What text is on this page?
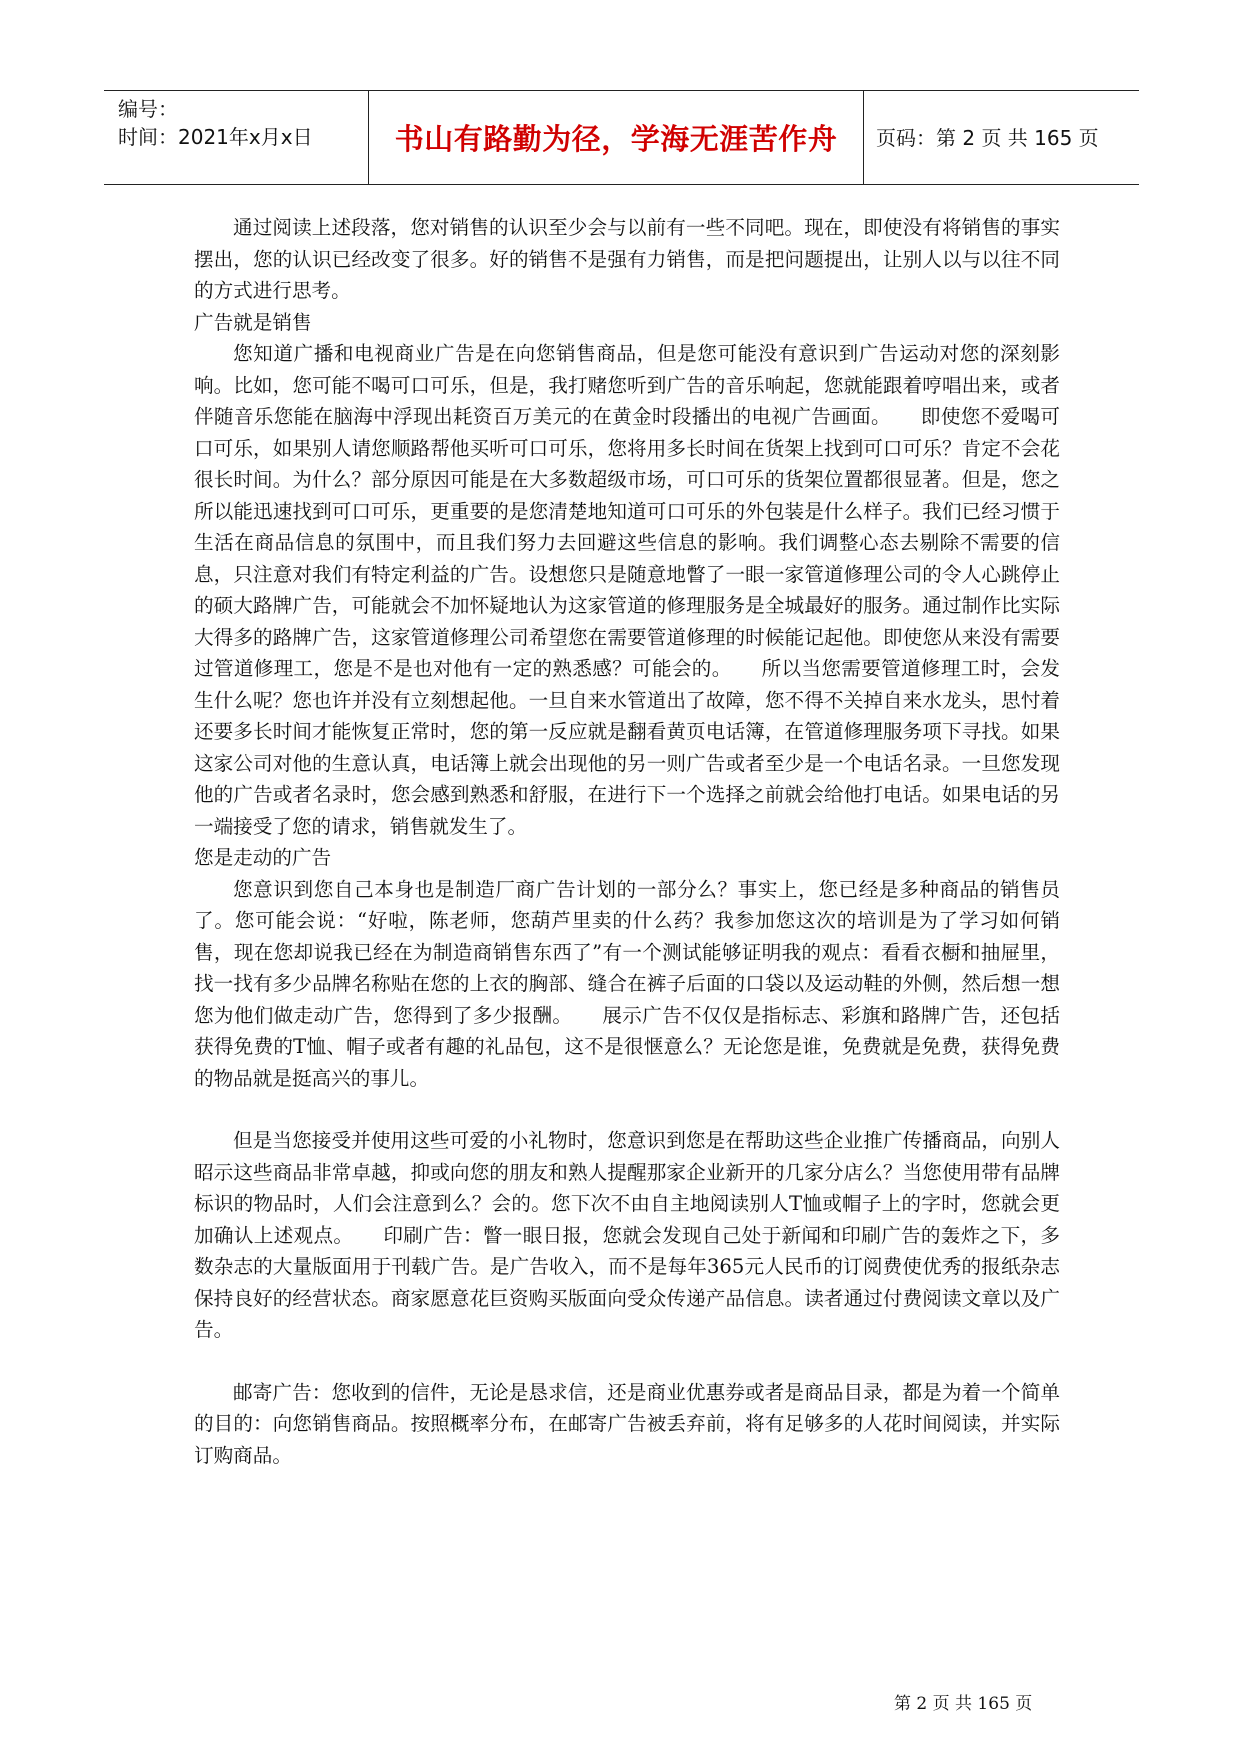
编号：
时间：2021年x月x日	书山有路勤为径，学海无涯苦作舟	页码：第 2 页 共 165 页

通过阅读上述段落，您对销售的认识至少会与以前有一些不同吧。现在，即使没有将销售的事实摆出，您的认识已经改变了很多。好的销售不是强有力销售，而是把问题提出，让别人以与以往不同的方式进行思考。

广告就是销售

您知道广播和电视商业广告是在向您销售商品，但是您可能没有意识到广告运动对您的深刻影响。比如，您可能不喝可口可乐，但是，我打赌您听到广告的音乐响起，您就能跟着哼唱出来，或者伴随音乐您能在脑海中浮现出耗资百万美元的在黄金时段播出的电视广告画面。　　即使您不爱喝可口可乐，如果别人请您顺路帮他买听可口可乐，您将用多长时间在货架上找到可口可乐？肯定不会花很长时间。为什么？部分原因可能是在大多数超级市场，可口可乐的货架位置都很显著。但是，您之所以能迅速找到可口可乐，更重要的是您清楚地知道可口可乐的外包装是什么样子。我们已经习惯于生活在商品信息的氛围中，而且我们努力去回避这些信息的影响。我们调整心态去剔除不需要的信息，只注意对我们有特定利益的广告。设想您只是随意地瞥了一眼一家管道修理公司的令人心跳停止的硕大路牌广告，可能就会不加怀疑地认为这家管道的修理服务是全城最好的服务。通过制作比实际大得多的路牌广告，这家管道修理公司希望您在需要管道修理的时候能记起他。即使您从来没有需要过管道修理工，您是不是也对他有一定的熟悉感？可能会的。　　所以当您需要管道修理工时，会发生什么呢？您也许并没有立刻想起他。一旦自来水管道出了故障，您不得不关掉自来水龙头，思忖着还要多长时间才能恢复正常时，您的第一反应就是翻看黄页电话簿，在管道修理服务项下寻找。如果这家公司对他的生意认真，电话簿上就会出现他的另一则广告或者至少是一个电话名录。一旦您发现他的广告或者名录时，您会感到熟悉和舒服，在进行下一个选择之前就会给他打电话。如果电话的另一端接受了您的请求，销售就发生了。

您是走动的广告

您意识到您自己本身也是制造厂商广告计划的一部分么？事实上，您已经是多种商品的销售员了。您可能会说：“好啦，陈老师，您葫芦里卖的什么药？我参加您这次的培训是为了学习如何销售，现在您却说我已经在为制造商销售东西了”有一个测试能够证明我的观点：看看衣橱和抽屉里，找一找有多少品牌名称贴在您的上衣的胸部、缝合在裤子后面的口袋以及运动鞋的外侧，然后想一想您为他们做走动广告，您得到了多少报酬。　　展示广告不仅仅是指标志、彩旗和路牌广告，还包括获得免费的T恤、帽子或者有趣的礼品包，这不是很惬意么？无论您是谁，免费就是免费，获得免费的物品就是挺高兴的事儿。

但是当您接受并使用这些可爱的小礼物时，您意识到您是在帮助这些企业推广传播商品，向别人昭示这些商品非常卓越，抑或向您的朋友和熟人提醒那家企业新开的几家分店么？当您使用带有品牌标识的物品时，人们会注意到么？会的。您下次不由自主地阅读别人T恤或帽子上的字时，您就会更加确认上述观点。　　印刷广告：瞥一眼日报，您就会发现自己处于新闻和印刷广告的轰炸之下，多数杂志的大量版面用于刊载广告。是广告收入，而不是每年365元人民币的订阅费使优秀的报纸杂志保持良好的经营状态。商家愿意花巨资购买版面向受众传递产品信息。读者通过付费阅读文章以及广告。

邮寄广告：您收到的信件，无论是恳求信，还是商业优惠券或者是商品目录，都是为着一个简单的目的：向您销售商品。按照概率分布，在邮寄广告被丢弃前，将有足够多的人花时间阅读，并实际订购商品。

第 2 页 共 165 页
